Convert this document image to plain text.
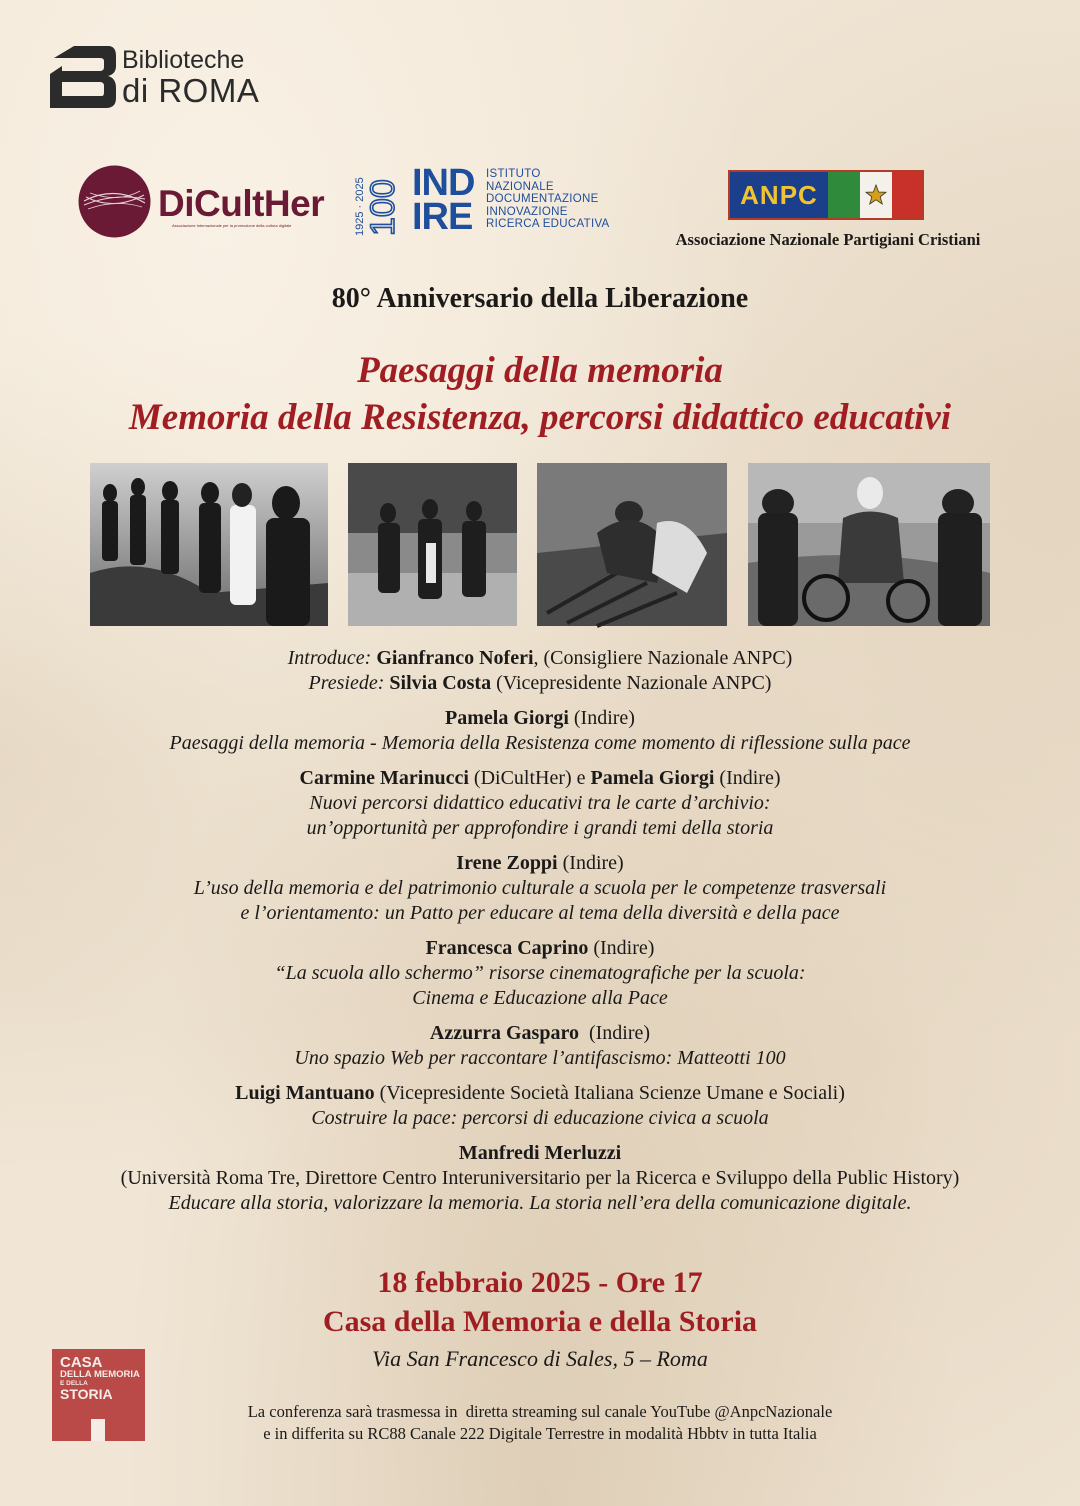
Biblioteche
di ROMA
DiCultHer
Associazione Internazionale per la promozione della cultura digitale	1925 · 2025
100 IND
IRE
ISTITUTO
NAZIONALE
DOCUMENTAZIONE
INNOVAZIONE
RICERCA EDUCATIVA
ANPC
Associazione Nazionale Partigiani Cristiani
80° Anniversario della Liberazione
Paesaggi della memoria
Memoria della Resistenza, percorsi didattico educativi
Introduce: Gianfranco Noferi, (Consigliere Nazionale ANPC)
Presiede: Silvia Costa (Vicepresidente Nazionale ANPC)
Pamela Giorgi (Indire)
Paesaggi della memoria - Memoria della Resistenza come momento di riflessione sulla pace
Carmine Marinucci (DiCultHer) e Pamela Giorgi (Indire)
Nuovi percorsi didattico educativi tra le carte d’archivio:
un’opportunità per approfondire i grandi temi della storia
Irene Zoppi (Indire)
L’uso della memoria e del patrimonio culturale a scuola per le competenze trasversali
e l’orientamento: un Patto per educare al tema della diversità e della pace
Francesca Caprino (Indire)
“La scuola allo schermo” risorse cinematografiche per la scuola:
Cinema e Educazione alla Pace
Azzurra Gasparo  (Indire)
Uno spazio Web per raccontare l’antifascismo: Matteotti 100
Luigi Mantuano (Vicepresidente Società Italiana Scienze Umane e Sociali)
Costruire la pace: percorsi di educazione civica a scuola
Manfredi Merluzzi
(Università Roma Tre, Direttore Centro Interuniversitario per la Ricerca e Sviluppo della Public History)
Educare alla storia, valorizzare la memoria. La storia nell’era della comunicazione digitale.
18 febbraio 2025 - Ore 17
Casa della Memoria e della Storia
Via San Francesco di Sales, 5 – Roma
CASA
DELLA MEMORIA
E DELLA
STORIA
La conferenza sarà trasmessa in  diretta streaming sul canale YouTube @AnpcNazionale
e in differita su RC88 Canale 222 Digitale Terrestre in modalità Hbbtv in tutta Italia
